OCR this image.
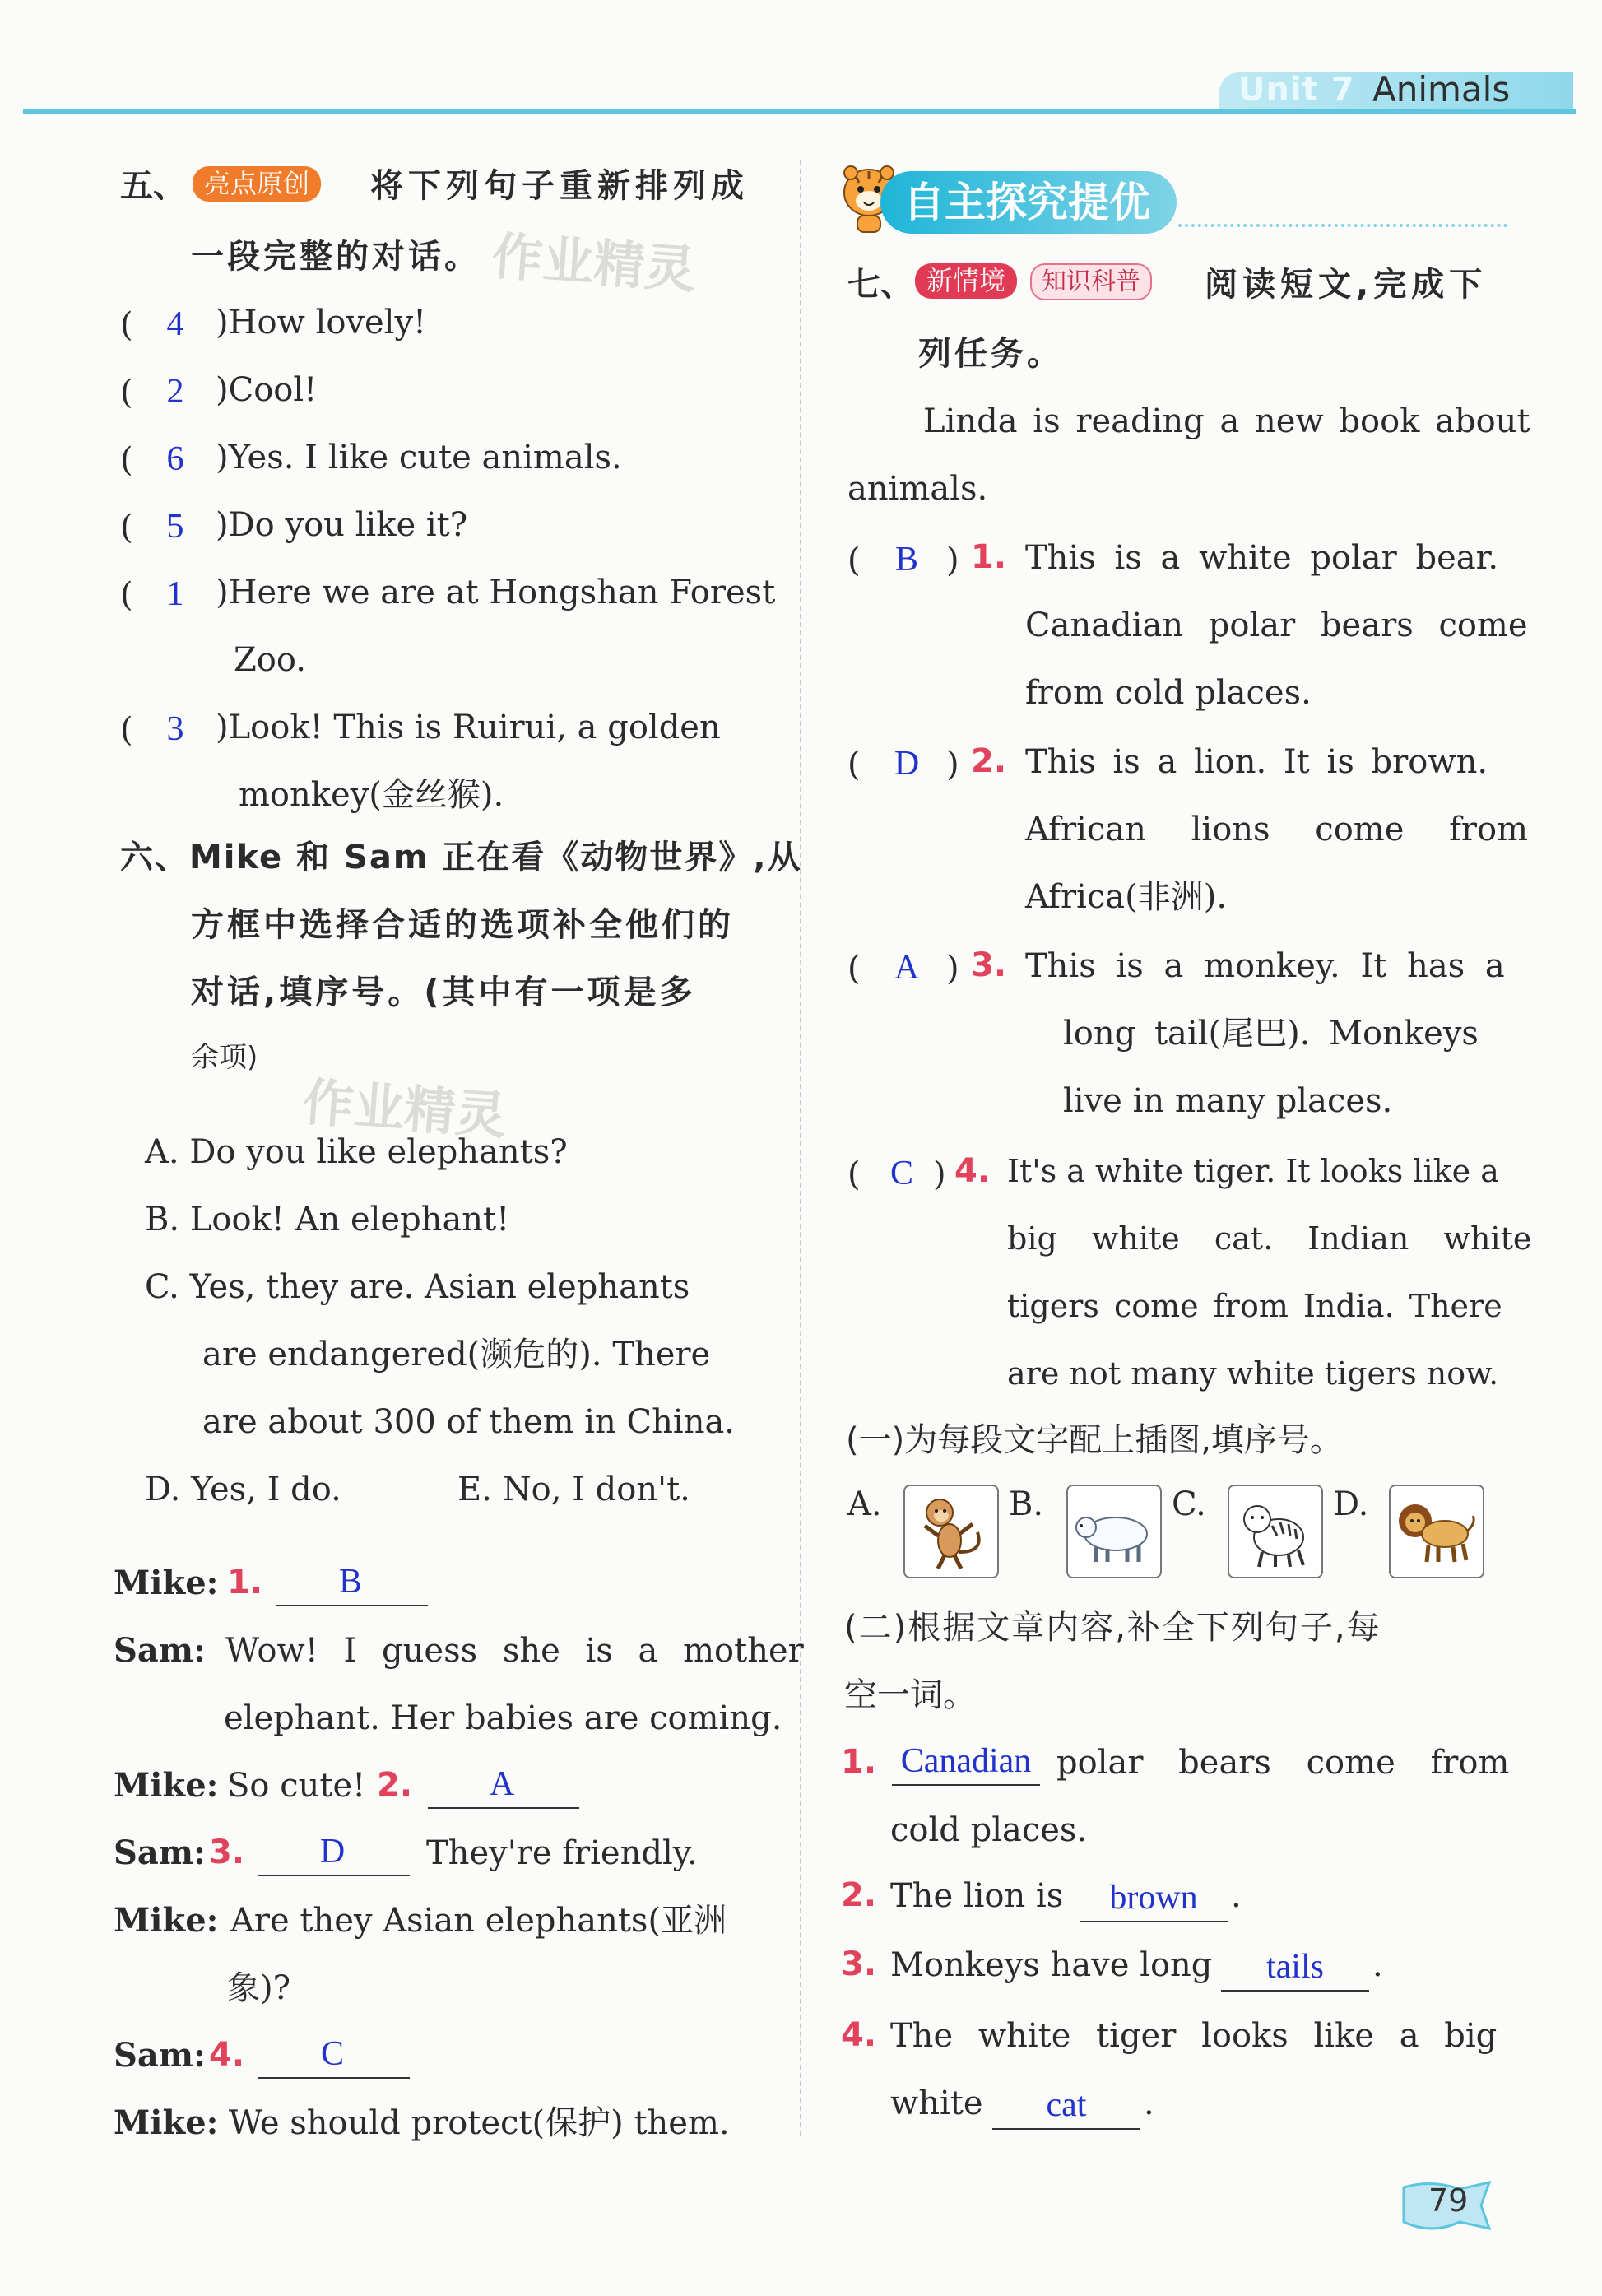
Unit 7 Animals
作业精灵
作业精灵
五、 亮点原创	将下列句子重新排列成
一段完整的对话。
( 4 )How lovely!
( 2 )Cool!
( 6 )Yes. I like cute animals.
( 5 )Do you like it?
( 1 )Here we are at Hongshan Forest
Zoo.
( 3 )Look! This is Ruirui, a golden
monkey(金丝猴).
六、Mike 和 Sam 正在看《动物世界》,从
方框中选择合适的选项补全他们的
对话,填序号。(其中有一项是多
余项)
A. Do you like elephants?
B. Look! An elephant!
C. Yes, they are. Asian elephants
are endangered(濒危的). There
are about 300 of them in China.
D. Yes, I do.	E. No, I don't.
Mike: 1.	B
Sam: Wow! I guess she is a mother
elephant. Her babies are coming.
Mike: So cute! 2.	A
Sam: 3.	D	They're friendly.
Mike: Are they Asian elephants(亚洲
象)?
Sam: 4.	C
Mike: We should protect(保护) them.
自主探究提优
七、 新情境	知识科普	阅读短文,完成下
列任务。
Linda is reading a new book about
animals.
(	B ) 1. This is a white polar bear.
Canadian polar bears come
from cold places.
( D ) 2. This is a lion. It is brown.
African lions come from
Africa(非洲).
( A ) 3. This is a monkey. It has a
long tail(尾巴). Monkeys
live in many places.
( C ) 4. It's a white tiger. It looks like a
big white cat. Indian white
tigers come from India. There
are not many white tigers now.
(一)为每段文字配上插图,填序号。
A.	B.	C.	D.
(二)根据文章内容,补全下列句子,每
空一词。
1. Canadian polar bears come from
cold places.
2. The lion is	brown	.
3. Monkeys have long	tails	.
4. The white tiger looks like a big
white	cat	.
79
